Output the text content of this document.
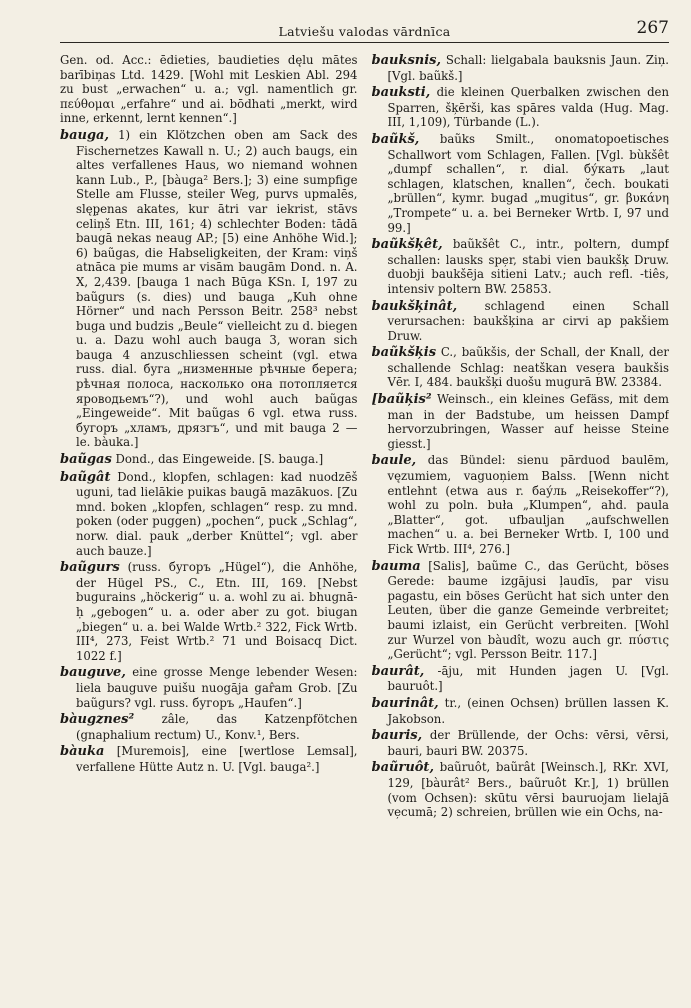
Latviešu valodas vārdnīca	267

Gen. od. Acc.: ēdieties, baudieties dęlu mātes barībiņas Ltd. 1429. [Wohl mit Leskien Abl. 294 zu bust „erwachen“ u. a.; vgl. namentlich gr. πεύθομαι „erfahre“ und ai. bōdhati „merkt, wird inne, erkennt, lernt kennen“.]

bauga, 1) ein Klötzchen oben am Sack des Fischernetzes Kawall n. U.; 2) auch baugs, ein altes verfallenes Haus, wo niemand wohnen kann Lub., P., [bàuga² Bers.]; 3) eine sumpfige Stelle am Flusse, steiler Weg, purvs upmalēs, slęp̧enas akates, kur ātri var iekrist, stāvs celiņš Etn. III, 161; 4) schlechter Boden: tādā baugā nekas neaug AP.; [5) eine Anhöhe Wid.]; 6) baũgas, die Habseligkeiten, der Kram: viņš atnāca pie mums ar visām baugām Dond. n. A. X, 2,439. [bauga 1 nach Būga KSn. I, 197 zu baũgurs (s. dies) und bauga „Kuh ohne Hörner“ und nach Persson Beitr. 258³ nebst buga und budzis „Beule“ vielleicht zu d. biegen u. a. Dazu wohl auch bauga 3, woran sich bauga 4 anzuschliessen scheint (vgl. etwa russ. dial. буга „низменные рѣчные берега; рѣчная полоса, насколько она потопляется яроводьемъ“?), und wohl auch baũgas „Eingeweide“. Mit baũgas 6 vgl. etwa russ. бугоръ „хламъ, дрязгъ“, und mit bauga 2 — le. bàuka.]

baũgas Dond., das Eingeweide. [S. bauga.]

baũgât Dond., klopfen, schlagen: kad nuodzēš uguni, tad lielākie puikas baugā mazākuos. [Zu mnd. boken „klopfen, schlagen“ resp. zu mnd. poken (oder puggen) „pochen“, puck „Schlag“, norw. dial. pauk „derber Knüttel“; vgl. aber auch bauze.]

baũgurs (russ. бугоръ „Hügel“), die Anhöhe, der Hügel PS., C., Etn. III, 169. [Nebst bugurains „höckerig“ u. a. wohl zu ai. bhugnā-ḥ „gebogen“ u. a. oder aber zu got. biugan „biegen“ u. a. bei Walde Wrtb.² 322, Fick Wrtb. III⁴, 273, Feist Wrtb.² 71 und Boisacq Dict. 1022 f.]

bauguve, eine grosse Menge lebender Wesen: liela bauguve puišu nuogāja gar̂am Grob. [Zu baũgurs? vgl. russ. бугоръ „Haufen“.]

bàugznes² zâle, das Katzenpfötchen (gnaphalium rectum) U., Konv.¹, Bers.

bàuka [Muremois], eine [wertlose Lemsal], verfallene Hütte Autz n. U. [Vgl. bauga².]

bauksnis, Schall: lielgabala bauksnis Jaun. Ziņ. [Vgl. baũkš.]

bauksti, die kleinen Querbalken zwischen den Sparren, šķērši, kas spāres valda (Hug. Mag. III, 1,109), Türbande (L.).

baũkš, baũks Smilt., onomatopoetisches Schallwort vom Schlagen, Fallen. [Vgl. bùkšêt „dumpf schallen“, r. dial. бу́кать „laut schlagen, klatschen, knallen“, čech. boukati „brüllen“, kymr. bugad „mugitus“, gr. βυκάνη „Trompete“ u. a. bei Berneker Wrtb. I, 97 und 99.]

baũkšķêt, baũkšêt C., intr., poltern, dumpf schallen: lausks spe̦r, stabi vien baukšķ Druw. duobji baukšēja sitieni Latv.; auch refl. -tiês, intensiv poltern BW. 25853.

baukšķinât, schlagend einen Schall verursachen: baukšķina ar cirvi ap pakšiem Druw.

baũkšķis C., baũkšis, der Schall, der Knall, der schallende Schlag: neatškan vese̦ra baukšis Vēr. I, 484. baukšķi duošu mugurā BW. 23384.

[baũķis² Weinsch., ein kleines Gefäss, mit dem man in der Badstube, um heissen Dampf hervorzubringen, Wasser auf heisse Steine giesst.]

baule, das Bündel: sienu pārduod baulēm, vęzumiem, vaguoņiem Balss. [Wenn nicht entlehnt (etwa aus r. бау́ль „Reisekoffer“?), wohl zu poln. buła „Klumpen“, ahd. paula „Blatter“, got. ufbauljan „aufschwellen machen“ u. a. bei Berneker Wrtb. I, 100 und Fick Wrtb. III⁴, 276.]

bauma [Salis], baũme C., das Gerücht, böses Gerede: baume izgājusi ļaudīs, par visu pagastu, ein böses Gerücht hat sich unter den Leuten, über die ganze Gemeinde verbreitet; baumi izlaist, ein Gerücht verbreiten. [Wohl zur Wurzel von bàudît, wozu auch gr. πύστις „Gerücht“; vgl. Persson Beitr. 117.]

baurât, -āju, mit Hunden jagen U. [Vgl. bauruôt.]

baurinât, tr., (einen Ochsen) brüllen lassen K. Jakobson.

bauris, der Brüllende, der Ochs: vērsi, vērsi, bauri, bauri BW. 20375.

baũruôt, baũruôt, baũrât [Weinsch.], RKr. XVI, 129, [bàurât² Bers., baũruôt Kr.], 1) brüllen (vom Ochsen): skūtu vērsi bauruojam lielajā ve̦cumā; 2) schreien, brüllen wie ein Ochs, na-
